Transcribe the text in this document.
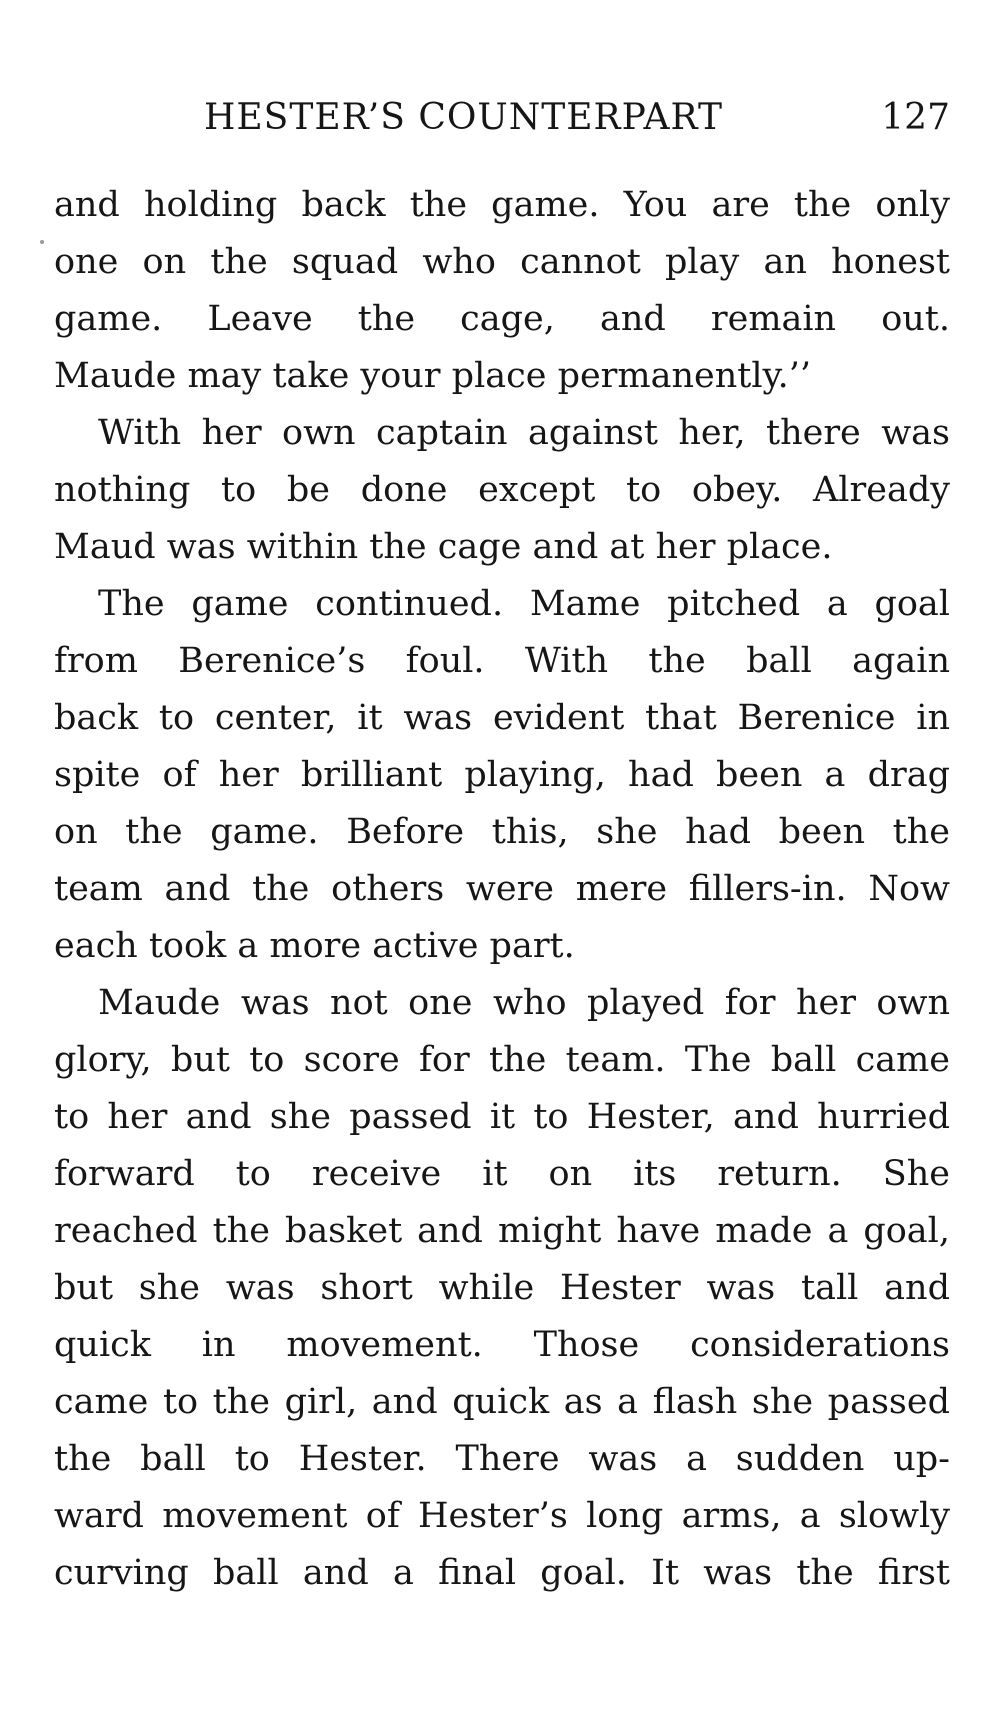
HESTER’S COUNTERPART	127
and holding back the game. You are the only
one on the squad who cannot play an honest
game. Leave the cage, and remain out.
Maude may take your place permanently.’’
With her own captain against her, there was
nothing to be done except to obey. Already
Maud was within the cage and at her place.
The game continued. Mame pitched a goal
from Berenice’s foul. With the ball again
back to center, it was evident that Berenice in
spite of her brilliant playing, had been a drag
on the game. Before this, she had been the
team and the others were mere fillers-in. Now
each took a more active part.
Maude was not one who played for her own
glory, but to score for the team. The ball came
to her and she passed it to Hester, and hurried
forward to receive it on its return. She
reached the basket and might have made a goal,
but she was short while Hester was tall and
quick in movement. Those considerations
came to the girl, and quick as a flash she passed
the ball to Hester. There was a sudden up-
ward movement of Hester’s long arms, a slowly
curving ball and a final goal. It was the first
